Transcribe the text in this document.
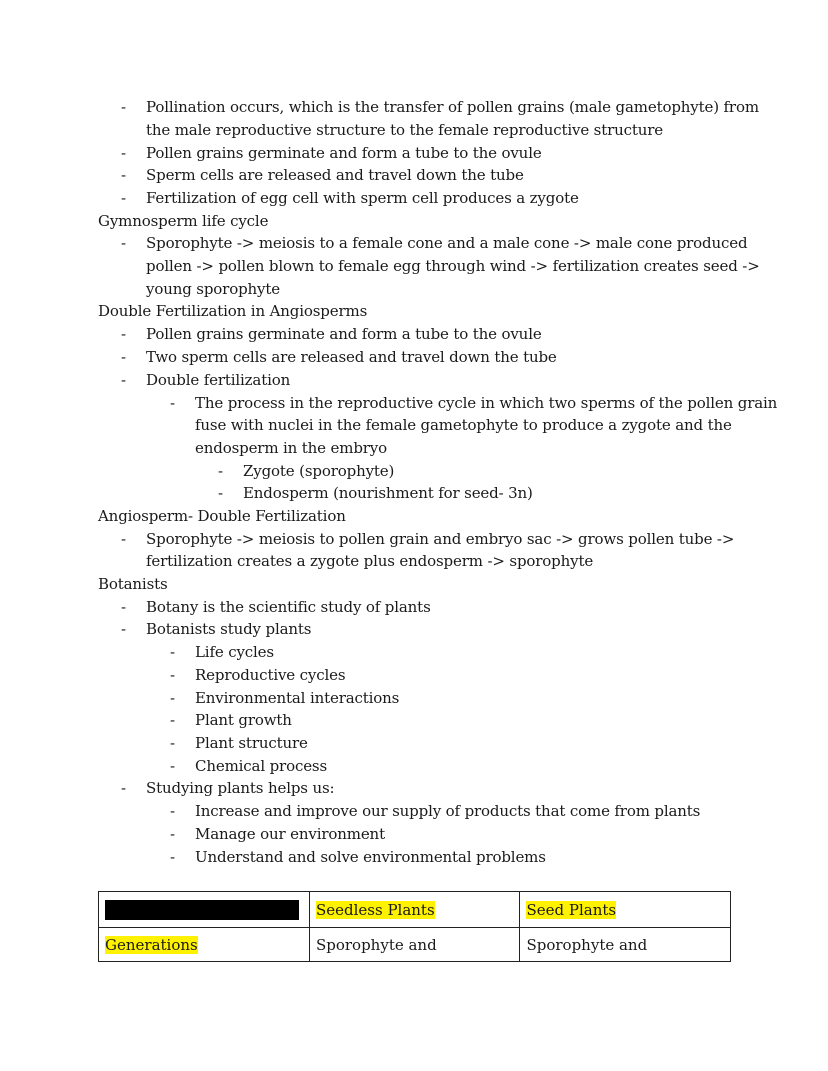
- Pollination occurs, which is the transfer of pollen grains (male gametophyte) from
the male reproductive structure to the female reproductive structure
- Pollen grains germinate and form a tube to the ovule
- Sperm cells are released and travel down the tube
- Fertilization of egg cell with sperm cell produces a zygote
Gymnosperm life cycle
- Sporophyte -> meiosis to a female cone and a male cone -> male cone produced
pollen -> pollen blown to female egg through wind -> fertilization creates seed ->
young sporophyte
Double Fertilization in Angiosperms
- Pollen grains germinate and form a tube to the ovule
- Two sperm cells are released and travel down the tube
- Double fertilization
- The process in the reproductive cycle in which two sperms of the pollen grain
fuse with nuclei in the female gametophyte to produce a zygote and the
endosperm in the embryo
- Zygote (sporophyte)
- Endosperm (nourishment for seed- 3n)
Angiosperm- Double Fertilization
- Sporophyte -> meiosis to pollen grain and embryo sac -> grows pollen tube ->
fertilization creates a zygote plus endosperm -> sporophyte
Botanists
- Botany is the scientific study of plants
- Botanists study plants
- Life cycles
- Reproductive cycles
- Environmental interactions
- Plant growth
- Plant structure
- Chemical process
- Studying plants helps us:
- Increase and improve our supply of products that come from plants
- Manage our environment
- Understand and solve environmental problems
	Seedless Plants	Seed Plants
Generations	Sporophyte and	Sporophyte and
